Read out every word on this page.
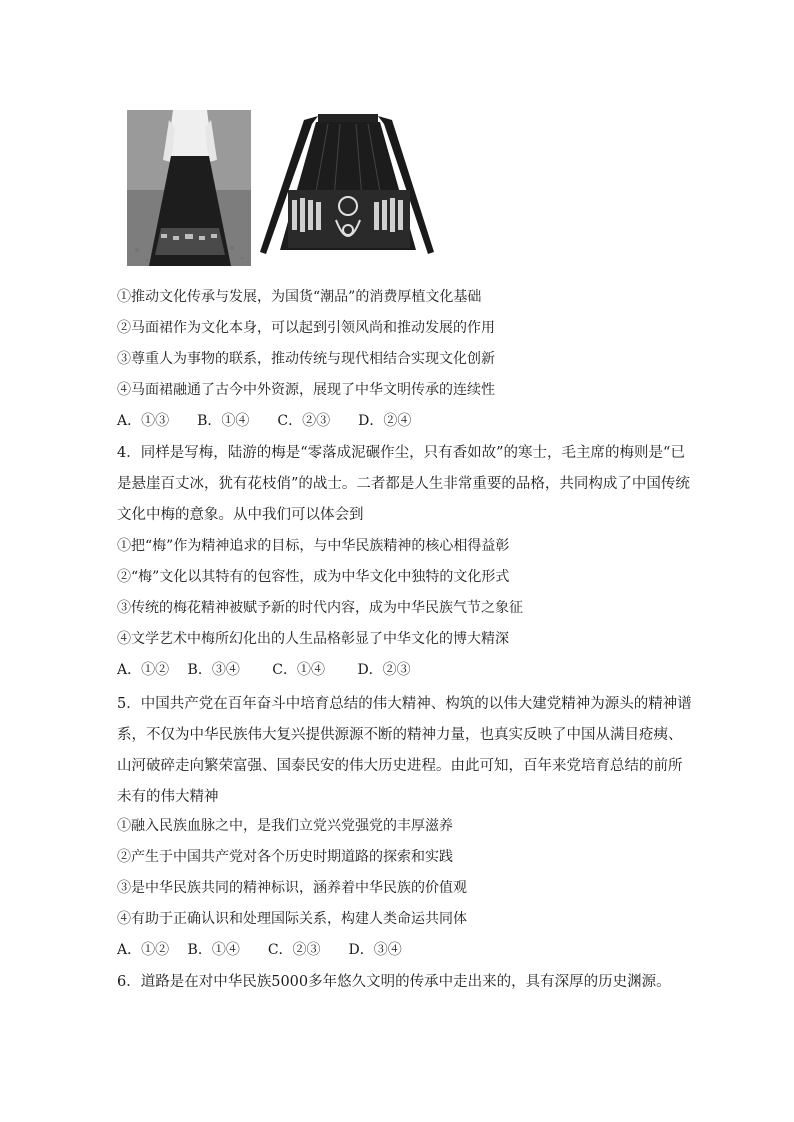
①推动文化传承与发展，为国货“潮品”的消费厚植文化基础
②马面裙作为文化本身，可以起到引领风尚和推动发展的作用
③尊重人为事物的联系，推动传统与现代相结合实现文化创新
④马面裙融通了古今中外资源，展现了中华文明传承的连续性
A．①③　　B．①④　　C．②③　　D．②④
4．同样是写梅，陆游的梅是“零落成泥碾作尘，只有香如故”的寒士，毛主席的梅则是“已是悬崖百丈冰，犹有花枝俏”的战士。二者都是人生非常重要的品格，共同构成了中国传统文化中梅的意象。从中我们可以体会到
①把“梅”作为精神追求的目标，与中华民族精神的核心相得益彰
②“梅”文化以其特有的包容性，成为中华文化中独特的文化形式
③传统的梅花精神被赋予新的时代内容，成为中华民族气节之象征
④文学艺术中梅所幻化出的人生品格彰显了中华文化的博大精深
A．①②　 B．③④　　 C．①④　　 D．②③
5．中国共产党在百年奋斗中培育总结的伟大精神、构筑的以伟大建党精神为源头的精神谱系，不仅为中华民族伟大复兴提供源源不断的精神力量，也真实反映了中国从满目疮痍、山河破碎走向繁荣富强、国泰民安的伟大历史进程。由此可知，百年来党培育总结的前所未有的伟大精神
①融入民族血脉之中，是我们立党兴党强党的丰厚滋养
②产生于中国共产党对各个历史时期道路的探索和实践
③是中华民族共同的精神标识，涵养着中华民族的价值观
④有助于正确认识和处理国际关系，构建人类命运共同体
A．①②　 B．①④　　C．②③　　D．③④
6．道路是在对中华民族5000多年悠久文明的传承中走出来的，具有深厚的历史渊源。
